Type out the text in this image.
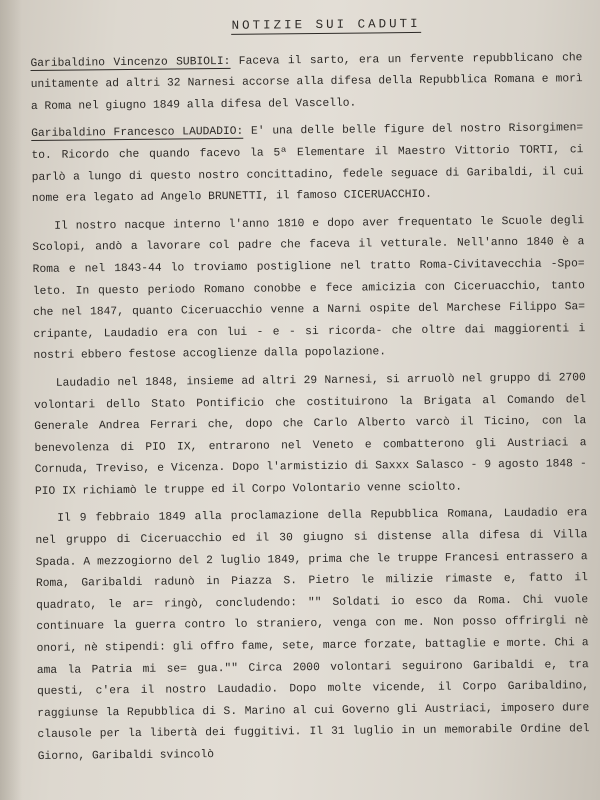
NOTIZIE SUI CADUTI

Garibaldino Vincenzo SUBIOLI: Faceva il sarto, era un fervente repubblicano che unitamente ad altri 32 Narnesi accorse alla difesa della Repubblica Romana e morì a Roma nel giugno 1849 alla difesa del Vascello.

Garibaldino Francesco LAUDADIO: E' una delle belle figure del nostro Risorgimen= to. Ricordo che quando facevo la 5ª Elementare il Maestro Vittorio TORTI, ci parlò a lungo di questo nostro concittadino, fedele seguace di Garibaldi, il cui nome era legato ad Angelo BRUNETTI, il famoso CICERUACCHIO.

Il nostro nacque interno l'anno 1810 e dopo aver frequentato le Scuole degli Scolopi, andò a lavorare col padre che faceva il vetturale. Nell'anno 1840 è a Roma e nel 1843-44 lo troviamo postiglione nel tratto Roma-Civitavecchia -Spo= leto. In questo periodo Romano conobbe e fece amicizia con Ciceruacchio, tanto che nel 1847, quanto Ciceruacchio venne a Narni ospite del Marchese Filippo Sa= cripante, Laudadio era con lui - e - si ricorda- che oltre dai maggiorenti i nostri ebbero festose accoglienze dalla popolazione.

Laudadio nel 1848, insieme ad altri 29 Narnesi, si arruolò nel gruppo di 2700 volontari dello Stato Pontificio che costituirono la Brigata al Comando del Generale Andrea Ferrari che, dopo che Carlo Alberto varcò il Ticino, con la benevolenza di PIO IX, entrarono nel Veneto e combatterono gli Austriaci a Cornuda, Treviso, e Vicenza. Dopo l'armistizio di Saxxx Salasco - 9 agosto 1848 - PIO IX richiamò le truppe ed il Corpo Volontario venne sciolto.

Il 9 febbraio 1849 alla proclamazione della Repubblica Romana, Laudadio era nel gruppo di Ciceruacchio ed il 30 giugno si distense alla difesa di Villa Spada. A mezzogiorno del 2 luglio 1849, prima che le truppe Francesi entrassero a Roma, Garibaldi radunò in Piazza S. Pietro le milizie rimaste e, fatto il quadrato, le ar= ringò, concludendo: "" Soldati io esco da Roma. Chi vuole continuare la guerra contro lo straniero, venga con me. Non posso offrirgli nè onori, nè stipendi: gli offro fame, sete, marce forzate, battaglie e morte. Chi a ama la Patria mi se= gua."" Circa 2000 volontari seguirono Garibaldi e, tra questi, c'era il nostro Laudadio. Dopo molte vicende, il Corpo Garibaldino, raggiunse la Repubblica di S. Marino al cui Governo gli Austriaci, imposero dure clausole per la libertà dei fuggitivi. Il 31 luglio in un memorabile Ordine del Giorno, Garibaldi svincolò
